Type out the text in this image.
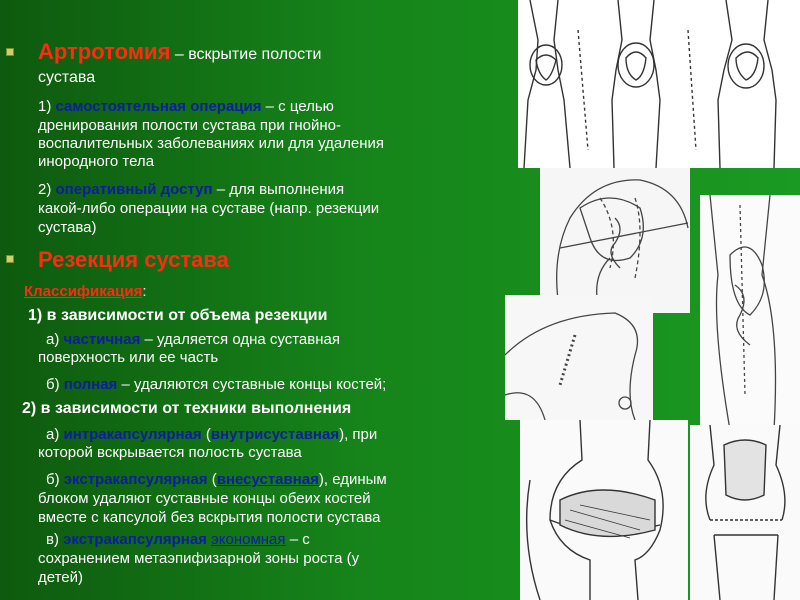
Артротомия – вскрытие полости
сустава
1) самостоятельная операция – с целью
дренирования полости сустава при гнойно-
воспалительных заболеваниях или для удаления
инородного тела
2) оперативный доступ – для выполнения
какой-либо операции на суставе (напр. резекции
сустава)
Резекция сустава
Классификация:
1) в зависимости от объема резекции
а) частичная – удаляется одна суставная
поверхность или ее часть
б) полная – удаляются суставные концы костей;
2) в зависимости от техники выполнения
а) интракапсулярная (внутрисуставная), при
которой вскрывается полость сустава
б) экстракапсулярная (внесуставная), единым
блоком удаляют суставные концы обеих костей
вместе с капсулой без вскрытия полости сустава
в) экстракапсулярная экономная – с
сохранением метаэпифизарной зоны роста (у
детей)
